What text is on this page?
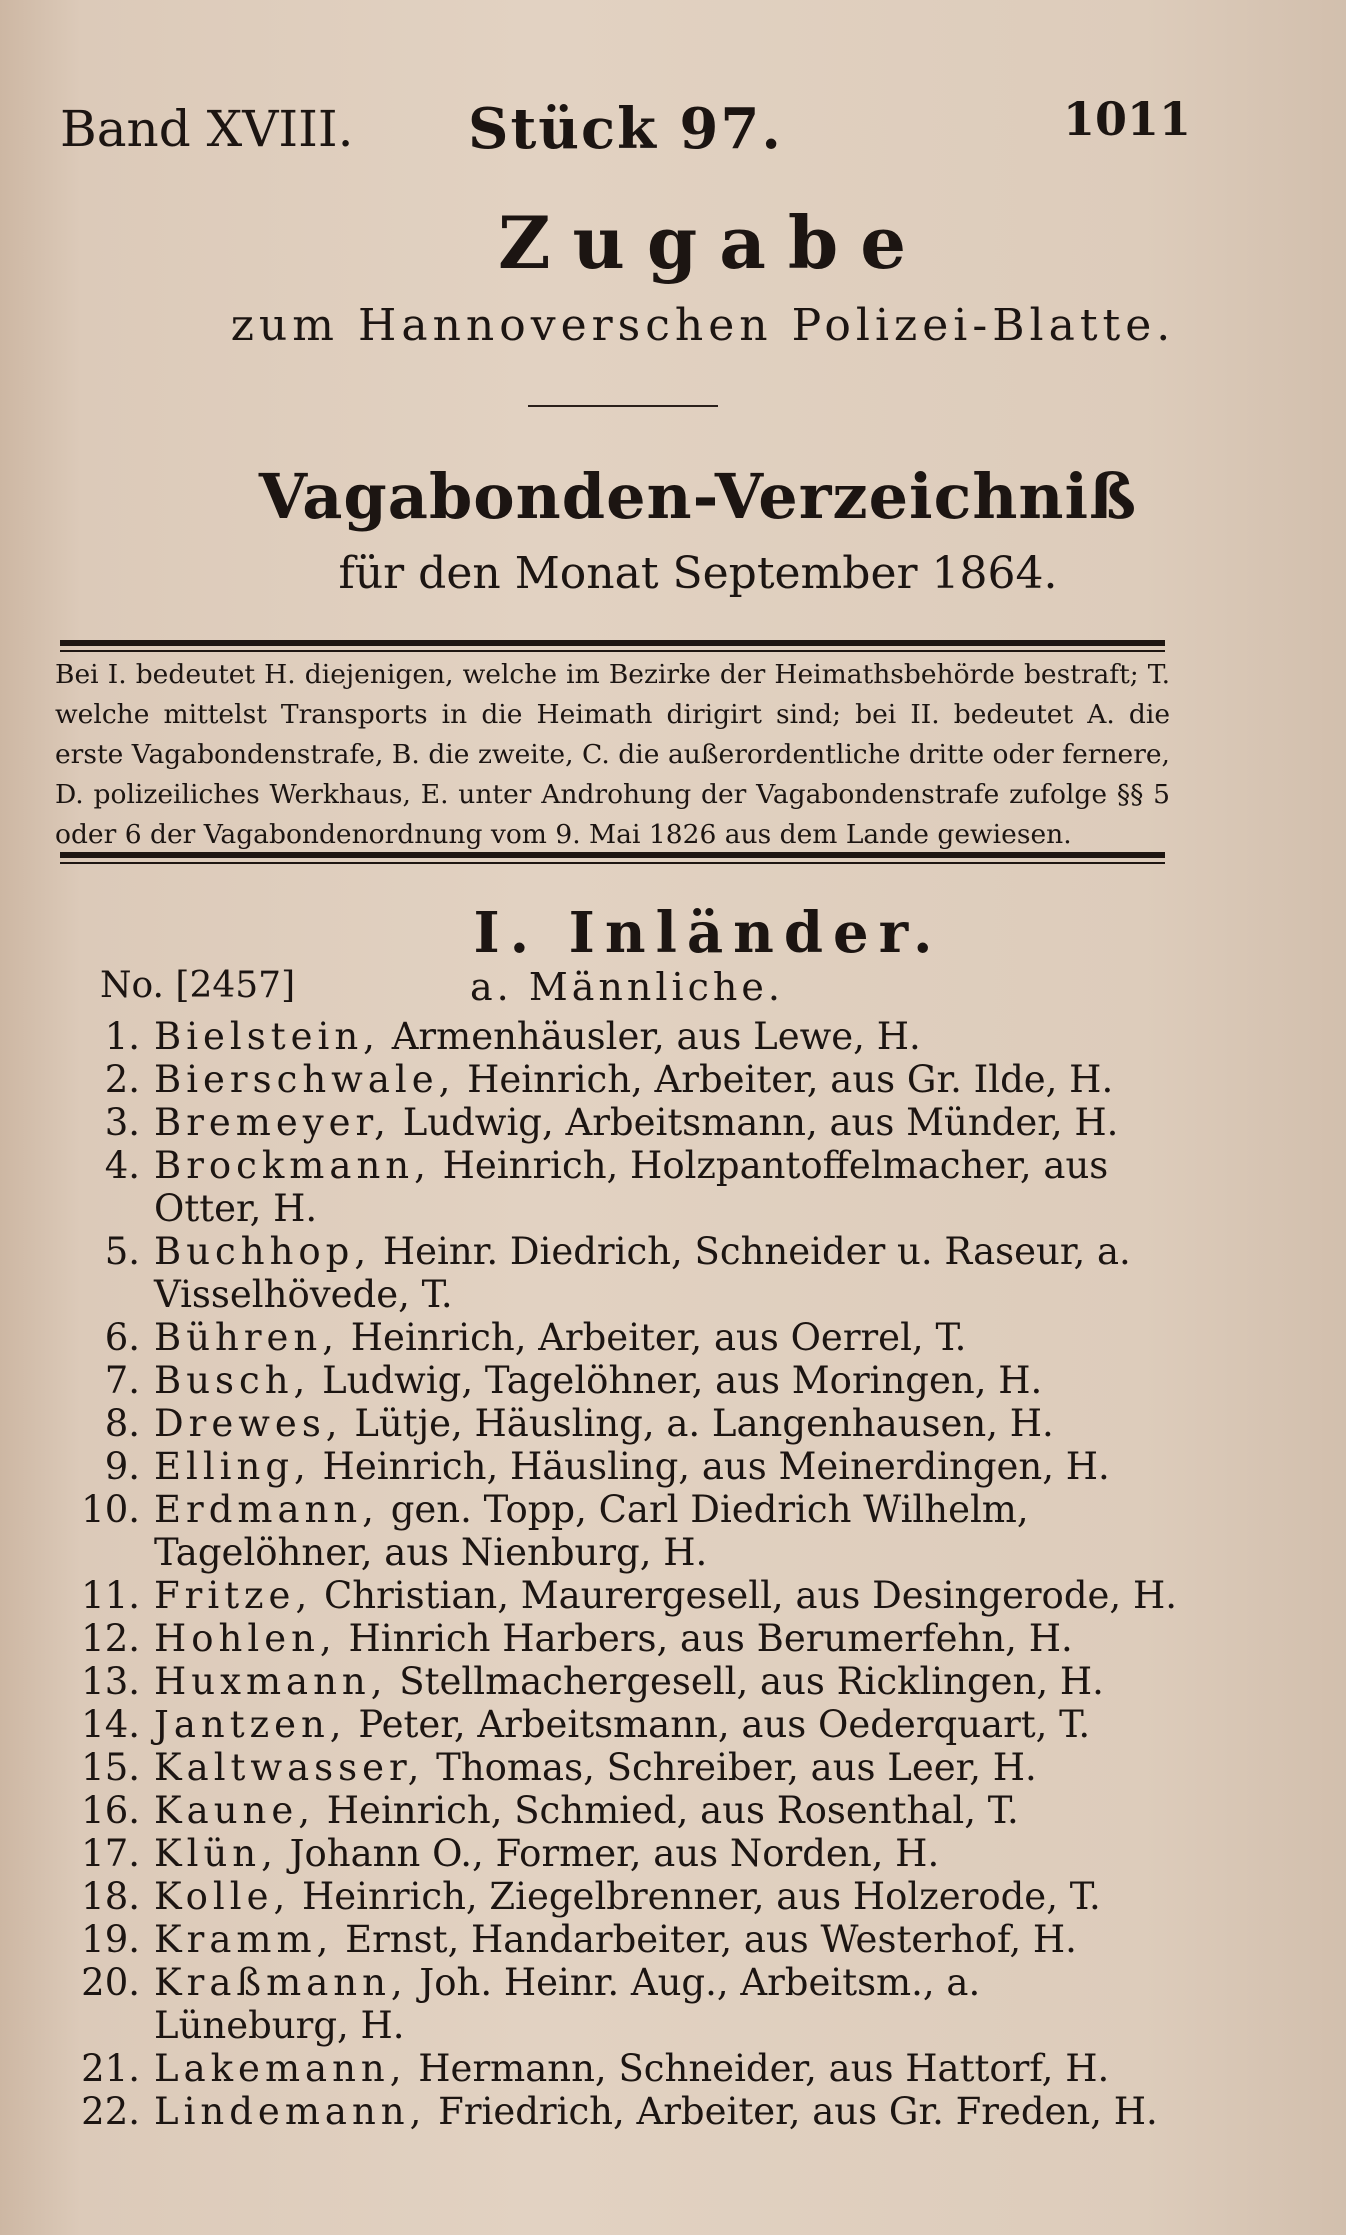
Band XVIII. Stück 97.	1011
Zugabe
zum Hannoverschen Polizei-Blatte.
Vagabonden-Verzeichniß
für den Monat September 1864.
Bei I. bedeutet H. diejenigen, welche im Bezirke der Heimathsbehörde bestraft; T. welche mittelst Transports in die Heimath dirigirt sind; bei II. bedeutet A. die erste Vagabondenstrafe, B. die zweite, C. die außerordentliche dritte oder fernere, D. polizeiliches Werkhaus, E. unter Androhung der Vagabondenstrafe zufolge §§ 5 oder 6 der Vagabondenordnung vom 9. Mai 1826 aus dem Lande gewiesen.
I. Inländer.
No. [2457]	a. Männliche.
1. Bielstein, Armenhäusler, aus Lewe, H.
2. Bierschwale, Heinrich, Arbeiter, aus Gr. Ilde, H.
3. Bremeyer, Ludwig, Arbeitsmann, aus Münder, H.
4. Brockmann, Heinrich, Holzpantoffelmacher, aus Otter, H.
5. Buchhop, Heinr. Diedrich, Schneider u. Raseur, a. Visselhövede, T.
6. Bühren, Heinrich, Arbeiter, aus Oerrel, T.
7. Busch, Ludwig, Tagelöhner, aus Moringen, H.
8. Drewes, Lütje, Häusling, a. Langenhausen, H.
9. Elling, Heinrich, Häusling, aus Meinerdingen, H.
10. Erdmann, gen. Topp, Carl Diedrich Wilhelm, Tagelöhner, aus Nienburg, H.
11. Fritze, Christian, Maurergesell, aus Desingerode, H.
12. Hohlen, Hinrich Harbers, aus Berumerfehn, H.
13. Huxmann, Stellmachergesell, aus Ricklingen, H.
14. Jantzen, Peter, Arbeitsmann, aus Oederquart, T.
15. Kaltwasser, Thomas, Schreiber, aus Leer, H.
16. Kaune, Heinrich, Schmied, aus Rosenthal, T.
17. Klün, Johann O., Former, aus Norden, H.
18. Kolle, Heinrich, Ziegelbrenner, aus Holzerode, T.
19. Kramm, Ernst, Handarbeiter, aus Westerhof, H.
20. Kraßmann, Joh. Heinr. Aug., Arbeitsm., a. Lüneburg, H.
21. Lakemann, Hermann, Schneider, aus Hattorf, H.
22. Lindemann, Friedrich, Arbeiter, aus Gr. Freden, H.
